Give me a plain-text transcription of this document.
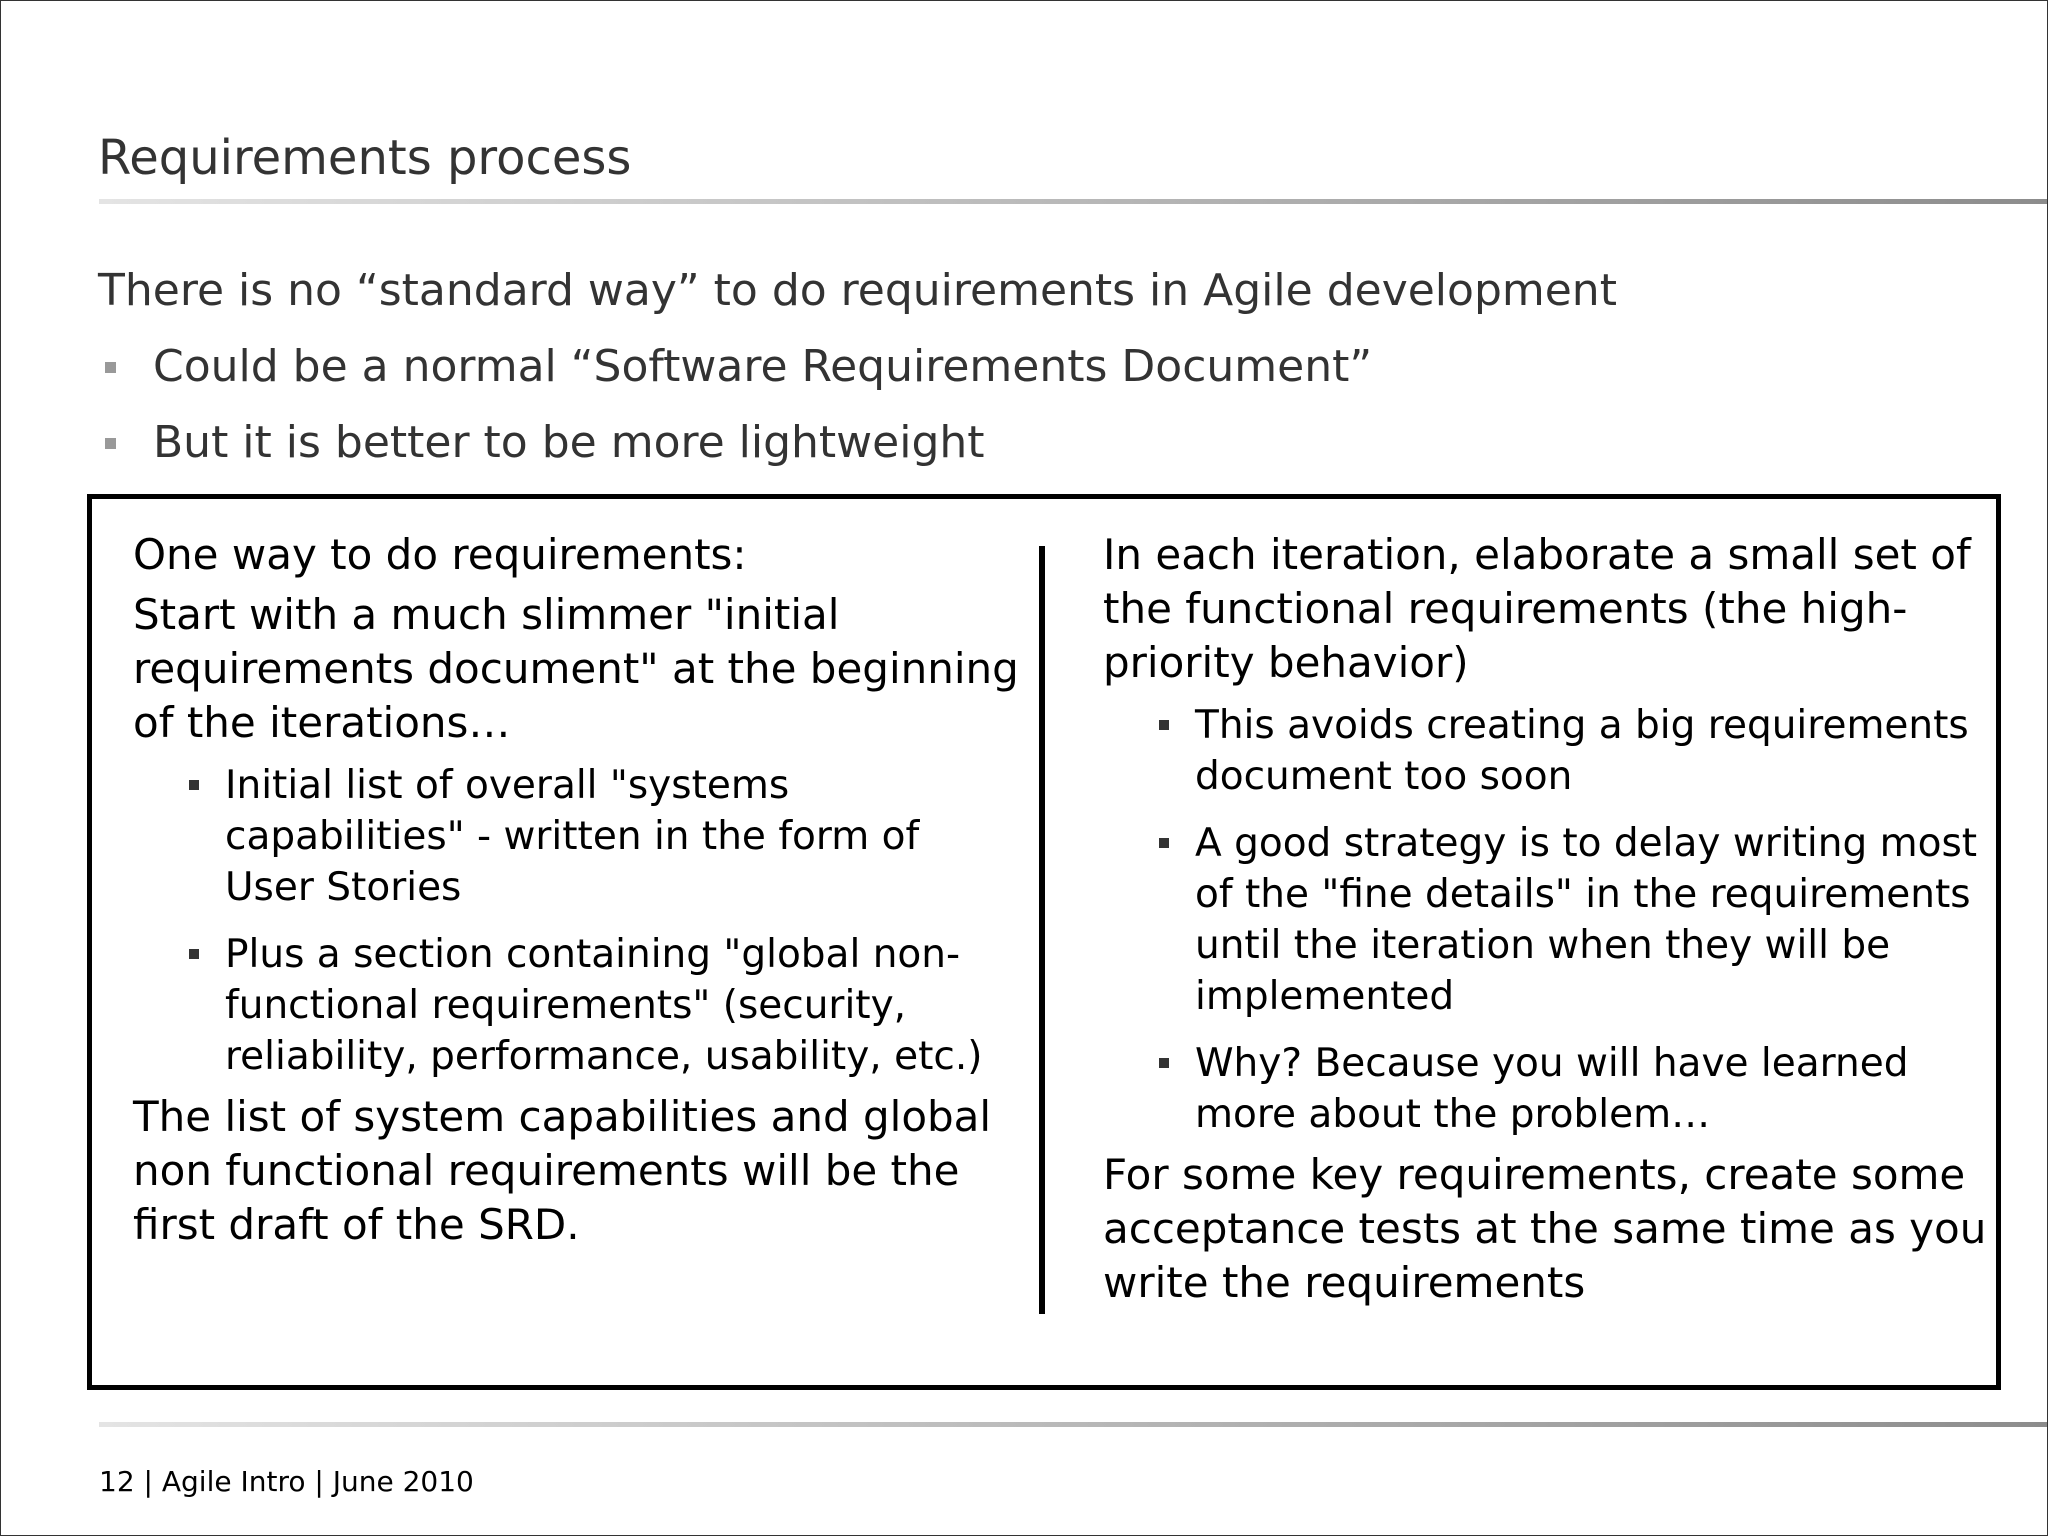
Requirements process
There is no “standard way” to do requirements in Agile development
Could be a normal “Software Requirements Document”
But it is better to be more lightweight
One way to do requirements:
Start with a much slimmer "initial
requirements document" at the beginning
of the iterations…
Initial list of overall "systems
capabilities" - written in the form of
User Stories
Plus a section containing "global non-
functional requirements" (security,
reliability, performance, usability, etc.)
The list of system capabilities and global
non functional requirements will be the
first draft of the SRD.
In each iteration, elaborate a small set of
the functional requirements (the high-
priority behavior)
This avoids creating a big requirements
document too soon
A good strategy is to delay writing most
of the "fine details" in the requirements
until the iteration when they will be
implemented
Why? Because you will have learned
more about the problem…
For some key requirements, create some
acceptance tests at the same time as you
write the requirements
12 | Agile Intro | June 2010
